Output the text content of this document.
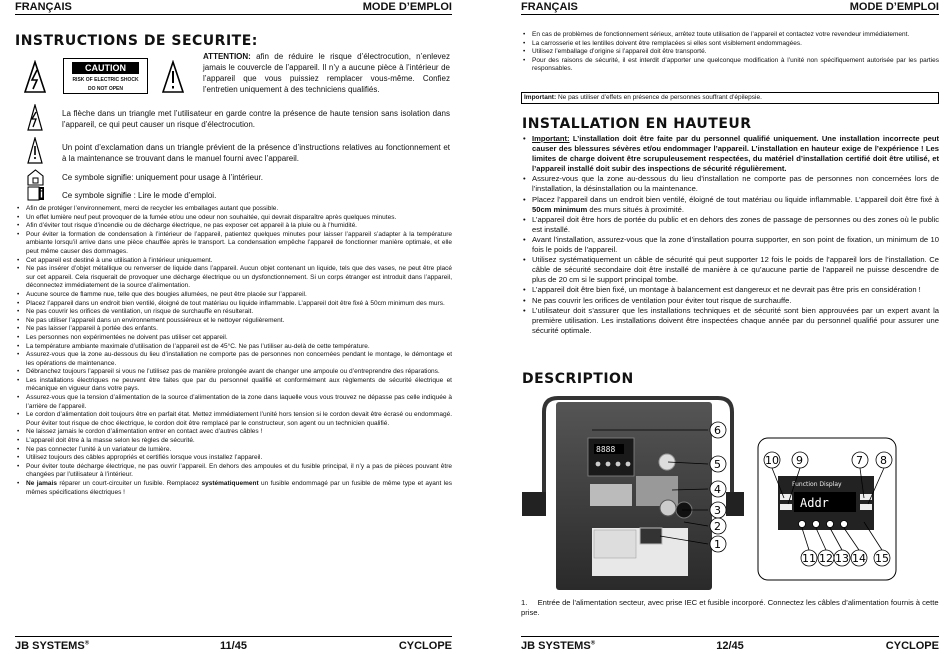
FRANÇAIS	MODE D’EMPLOI
INSTRUCTIONS DE SECURITE:
CAUTION
RISK OF ELECTRIC SHOCK
DO NOT OPEN
ATTENTION: afin de réduire le risque d’électrocution, n’enlevez jamais le couvercle de l’appareil. Il n’y a aucune pièce à l’intérieur de l’appareil que vous puissiez remplacer vous-même. Confiez l’entretien uniquement à des techniciens qualifiés.
La flèche dans un triangle met l’utilisateur en garde contre la présence de haute tension sans isolation dans l’appareil, ce qui peut causer un risque d’électrocution.
Un point d’exclamation dans un triangle prévient de la présence d’instructions relatives au fonctionnement et à la maintenance se trouvant dans le manuel fourni avec l’appareil.
Ce symbole signifie: uniquement pour usage à l’intérieur.
Ce symbole signifie : Lire le mode d’emploi.
• Afin de protéger l’environnement, merci de recycler les emballages autant que possible.
• Un effet lumière neuf peut provoquer de la fumée et/ou une odeur non souhaitée, qui devrait disparaître après quelques minutes.
• Afin d’éviter tout risque d’incendie ou de décharge électrique, ne pas exposer cet appareil à la pluie ou à l’humidité.
• Pour éviter la formation de condensation à l’intérieur de l’appareil, patientez quelques minutes pour laisser l’appareil s’adapter à la température ambiante lorsqu’il arrive dans une pièce chauffée après le transport. La condensation empêche l’appareil de fonctionner manière optimale, et elle peut même causer des dommages.
• Cet appareil est destiné à une utilisation à l’intérieur uniquement.
• Ne pas insérer d’objet métallique ou renverser de liquide dans l’appareil. Aucun objet contenant un liquide, tels que des vases, ne peut être placé sur cet appareil. Cela risquerait de provoquer une décharge électrique ou un dysfonctionnement. Si un corps étranger est introduit dans l’appareil, déconnectez immédiatement de la source d’alimentation.
• Aucune source de flamme nue, telle que des bougies allumées, ne peut être placée sur l’appareil.
• Placez l’appareil dans un endroit bien ventilé, éloigné de tout matériau ou liquide inflammable. L’appareil doit être fixé à 50cm minimum des murs.
• Ne pas couvrir les orifices de ventilation, un risque de surchauffe en résulterait.
• Ne pas utiliser l’appareil dans un environnement poussiéreux et le nettoyer régulièrement.
• Ne pas laisser l’appareil à portée des enfants.
• Les personnes non expérimentées ne doivent pas utiliser cet appareil.
• La température ambiante maximale d’utilisation de l’appareil est de 45°C. Ne pas l’utiliser au-delà de cette température.
• Assurez-vous que la zone au-dessous du lieu d’installation ne comporte pas de personnes non concernées pendant le montage, le démontage et les opérations de maintenance.
• Débranchez toujours l’appareil si vous ne l’utilisez pas de manière prolongée avant de changer une ampoule ou d’entreprendre des réparations.
• Les installations électriques ne peuvent être faites que par du personnel qualifié et conformément aux règlements de sécurité électrique et mécanique en vigueur dans votre pays.
• Assurez-vous que la tension d’alimentation de la source d’alimentation de la zone dans laquelle vous vous trouvez ne dépasse pas celle indiquée à l’arrière de l’appareil.
• Le cordon d’alimentation doit toujours être en parfait état. Mettez immédiatement l’unité hors tension si le cordon devait être écrasé ou endommagé. Pour éviter tout risque de choc électrique, le cordon doit être remplacé par le constructeur, son agent ou un technicien qualifié.
• Ne laissez jamais le cordon d’alimentation entrer en contact avec d’autres câbles !
• L’appareil doit être à la masse selon les règles de sécurité.
• Ne pas connecter l’unité à un variateur de lumière.
• Utilisez toujours des câbles appropriés et certifiés lorsque vous installez l’appareil.
• Pour éviter toute décharge électrique, ne pas ouvrir l’appareil. En dehors des ampoules et du fusible principal, il n’y a pas de pièces pouvant être changées par l’utilisateur à l’intérieur.
• Ne jamais réparer un court-circuiter un fusible. Remplacez systématiquement un fusible endommagé par un fusible de même type et ayant les mêmes spécifications électriques !
JB SYSTEMS®	11/45	CYCLOPE
FRANÇAIS	MODE D’EMPLOI
• En cas de problèmes de fonctionnement sérieux, arrêtez toute utilisation de l’appareil et contactez votre revendeur immédiatement.
• La carrosserie et les lentilles doivent être remplacées si elles sont visiblement endommagées.
• Utilisez l’emballage d’origine si l’appareil doit être transporté.
• Pour des raisons de sécurité, il est interdit d’apporter une quelconque modification à l’unité non spécifiquement autorisée par les parties responsables.
Important: Ne pas utiliser d’effets en présence de personnes souffrant d’épilepsie.
INSTALLATION EN HAUTEUR
• Important: L’installation doit être faite par du personnel qualifié uniquement. Une installation incorrecte peut causer des blessures sévères et/ou endommager l’appareil. L’installation en hauteur exige de l’expérience ! Les limites de charge doivent être scrupuleusement respectées, du matériel d’installation certifié doit être utilisé, et l’appareil installé doit subir des inspections de sécurité régulièrement.
• Assurez-vous que la zone au-dessous du lieu d’installation ne comporte pas de personnes non concernées lors de l’installation, la désinstallation ou la maintenance.
• Placez l’appareil dans un endroit bien ventilé, éloigné de tout matériau ou liquide inflammable. L’appareil doit être fixé à 50cm minimum des murs situés à proximité.
• L’appareil doit être hors de portée du public et en dehors des zones de passage de personnes ou des zones où le public est installé.
• Avant l’installation, assurez-vous que la zone d’installation pourra supporter, en son point de fixation, un minimum de 10 fois le poids de l’appareil.
• Utilisez systématiquement un câble de sécurité qui peut supporter 12 fois le poids de l’appareil lors de l’installation. Ce câble de sécurité secondaire doit être installé de manière à ce qu’aucune partie de l’appareil ne puisse descendre de plus de 20 cm si le support principal tombe.
• L’appareil doit être bien fixé, un montage à balancement est dangereux et ne devrait pas être pris en considération !
• Ne pas couvrir les orifices de ventilation pour éviter tout risque de surchauffe.
• L’utilisateur doit s’assurer que les installations techniques et de sécurité sont bien approuvées par un expert avant la première utilisation. Les installations doivent être inspectées chaque année par du personnel qualifié pour assurer une sécurité optimale.
DESCRIPTION
8888
6
5
4
3
2
1
Function Display
Addr
10 9	7 8
11 12 13 14 15
1. Entrée de l’alimentation secteur, avec prise IEC et fusible incorporé. Connectez les câbles d’alimentation fournis à cette prise.
JB SYSTEMS®	12/45	CYCLOPE
